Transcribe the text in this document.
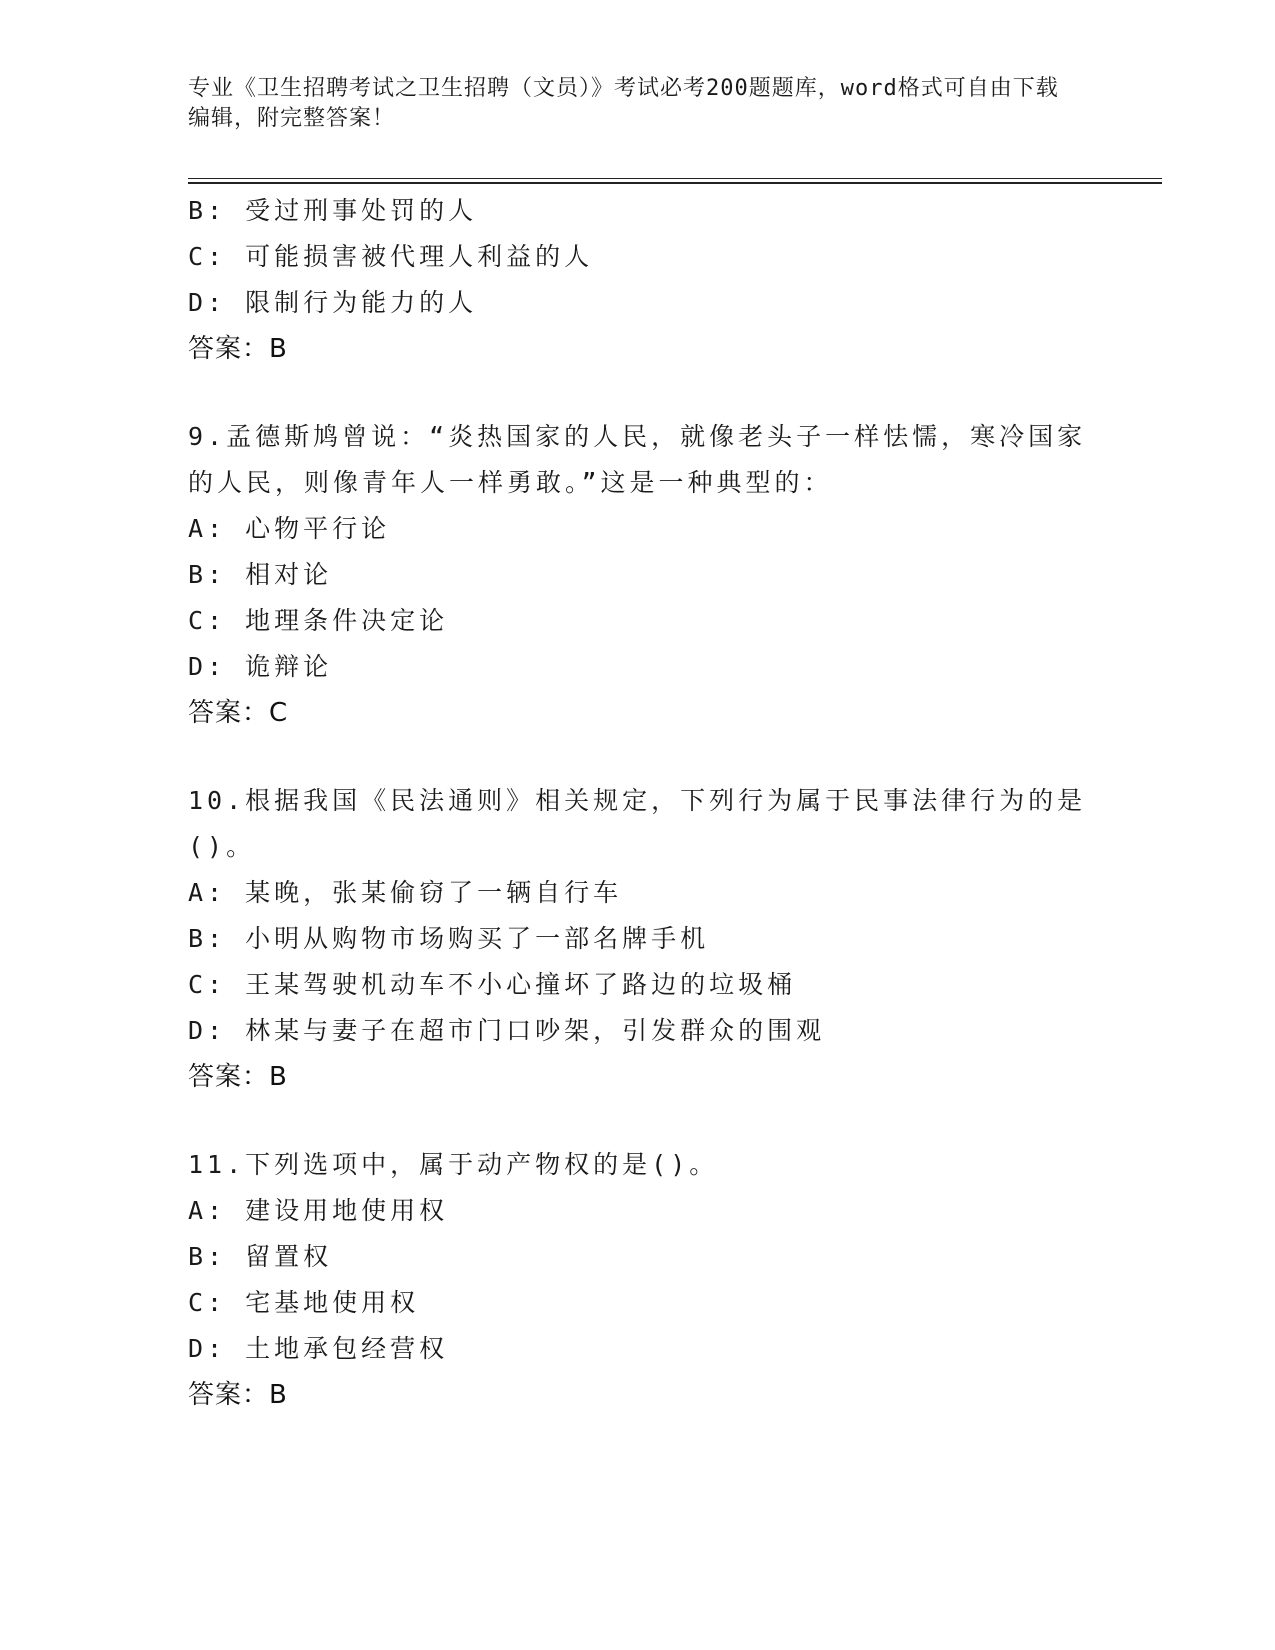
专业《卫生招聘考试之卫生招聘（文员）》考试必考200题题库，word格式可自由下载编辑，附完整答案！
B: 受过刑事处罚的人
C: 可能损害被代理人利益的人
D: 限制行为能力的人
答案：B
9.孟德斯鸠曾说：“炎热国家的人民，就像老头子一样怯懦，寒冷国家的人民，则像青年人一样勇敢。”这是一种典型的：
A: 心物平行论
B: 相对论
C: 地理条件决定论
D: 诡辩论
答案：C
10.根据我国《民法通则》相关规定，下列行为属于民事法律行为的是()。
A: 某晚，张某偷窃了一辆自行车
B: 小明从购物市场购买了一部名牌手机
C: 王某驾驶机动车不小心撞坏了路边的垃圾桶
D: 林某与妻子在超市门口吵架，引发群众的围观
答案：B
11.下列选项中，属于动产物权的是()。
A: 建设用地使用权
B: 留置权
C: 宅基地使用权
D: 土地承包经营权
答案：B
